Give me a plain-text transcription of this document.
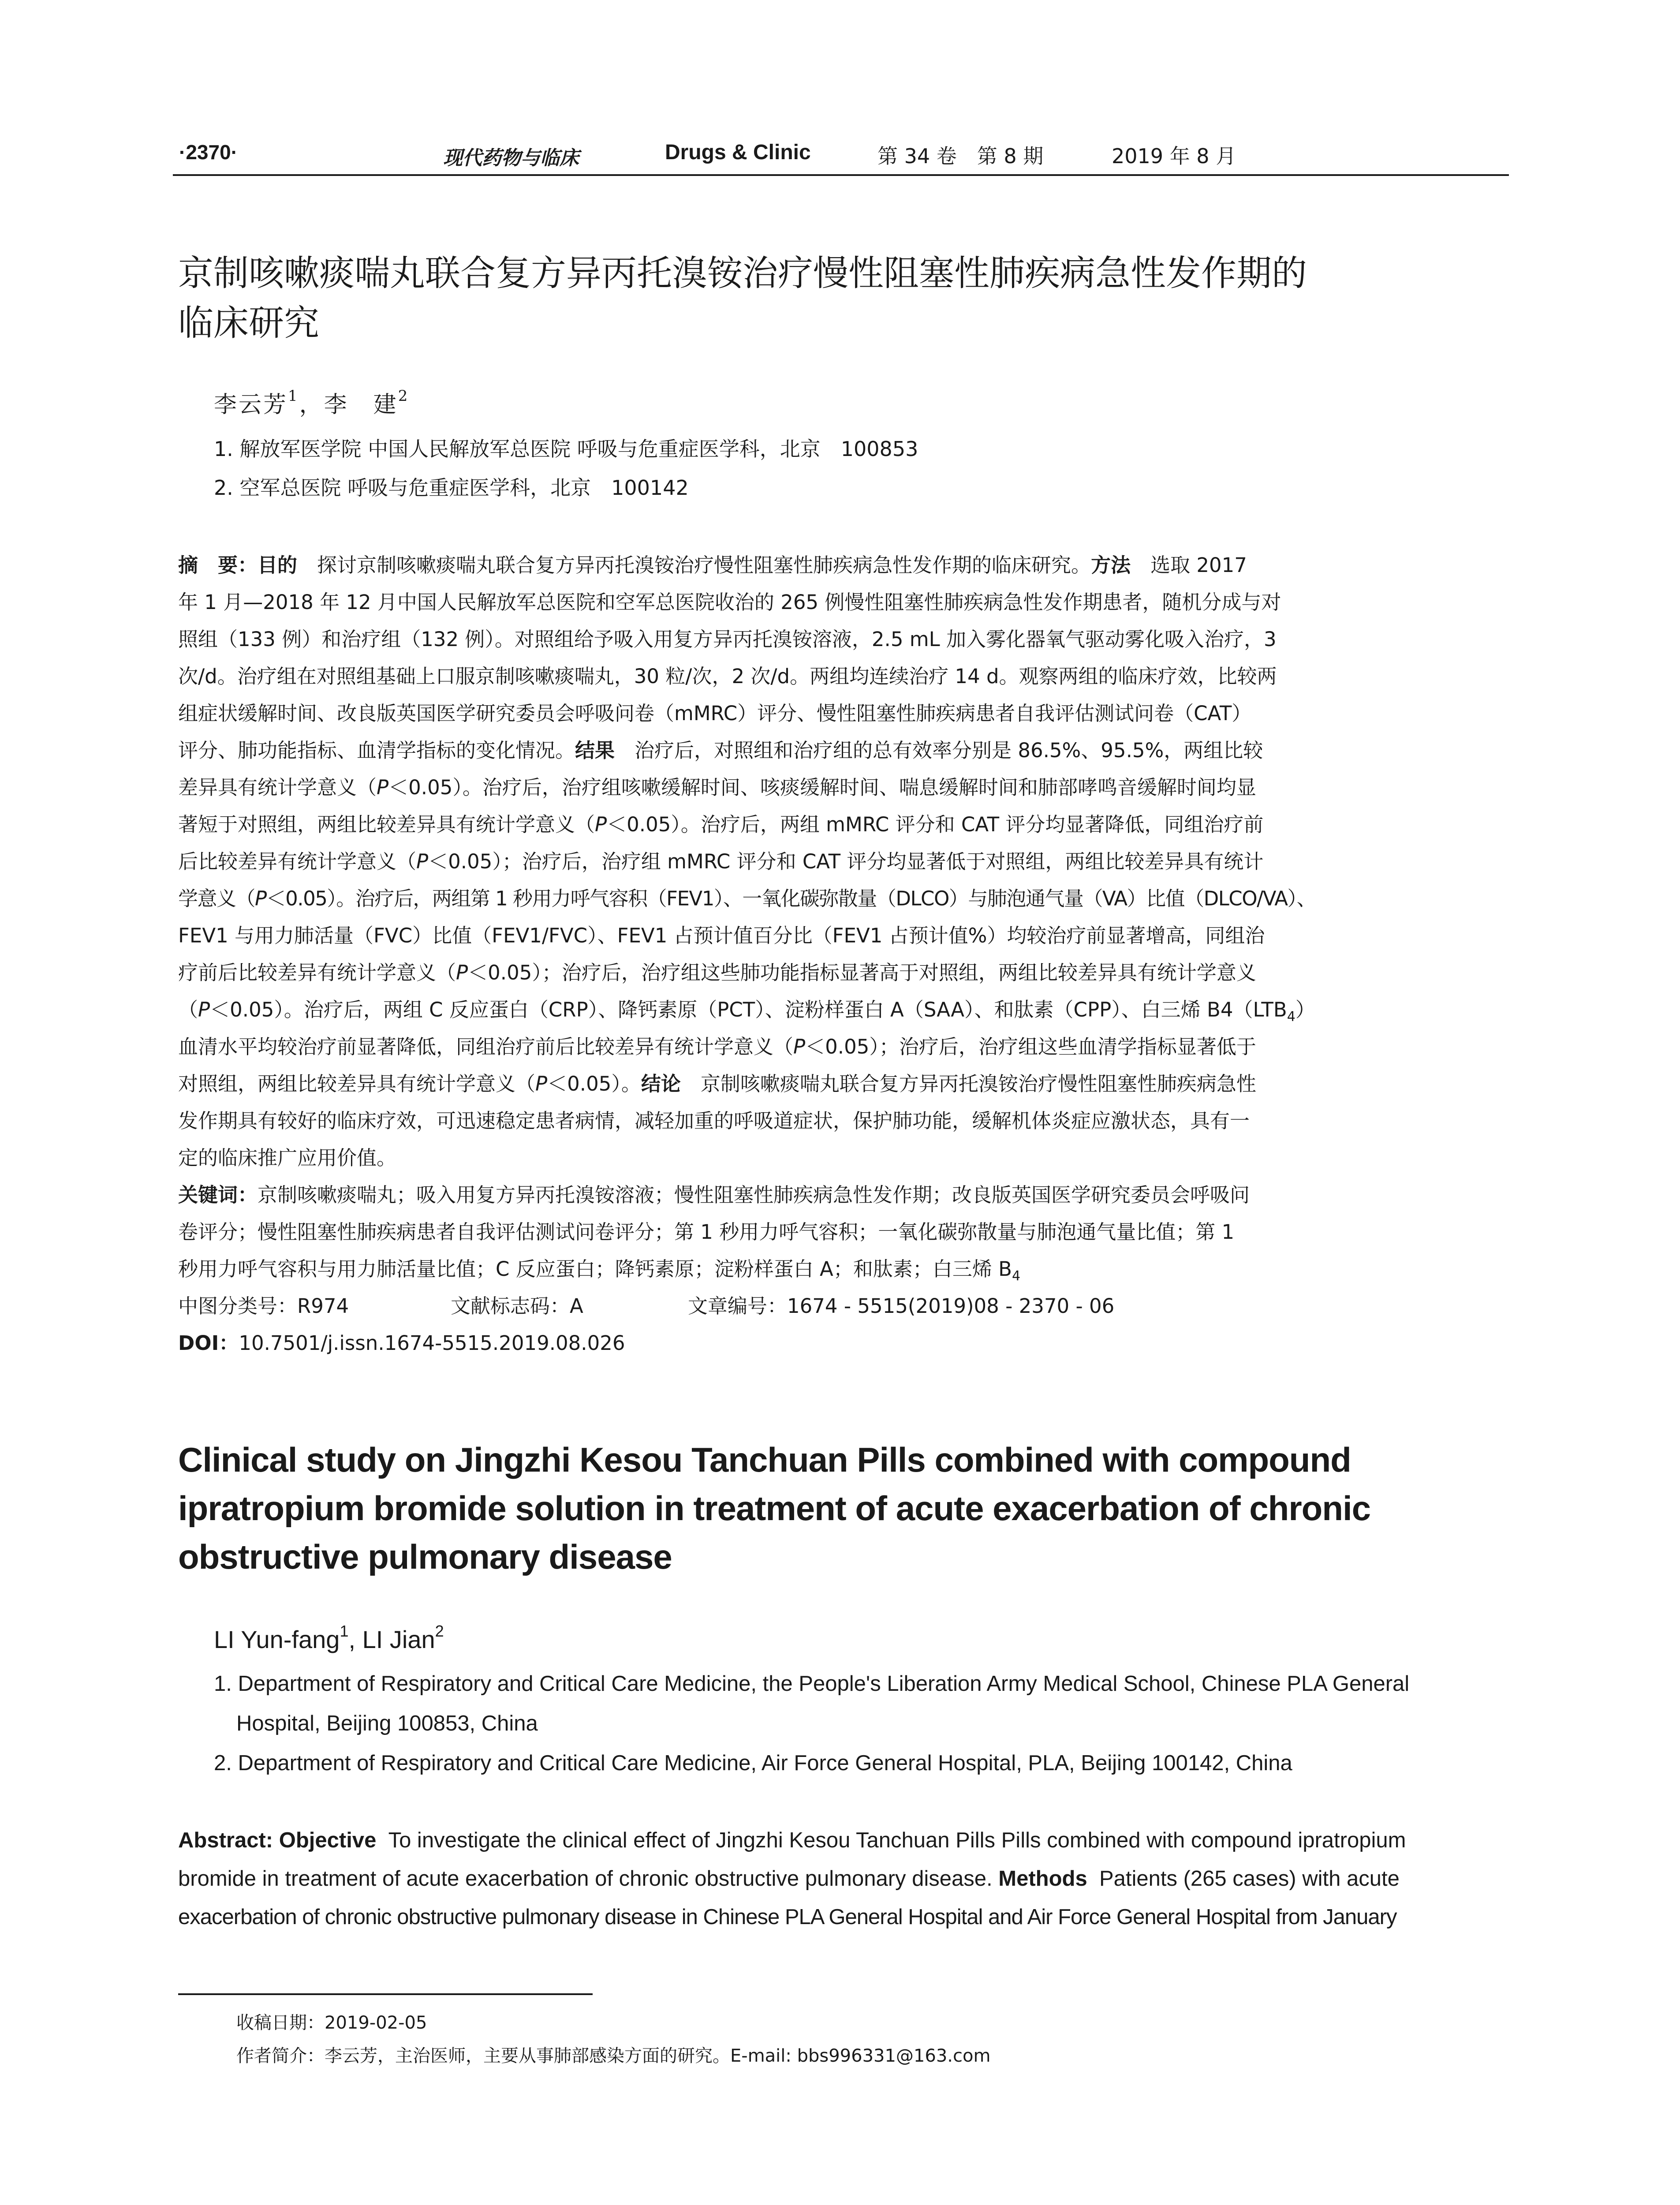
·2370·	现代药物与临床	Drugs & Clinic	第 34 卷　第 8 期	2019 年 8 月
京制咳嗽痰喘丸联合复方异丙托溴铵治疗慢性阻塞性肺疾病急性发作期的
临床研究
李云芳$^1$，李　建$^2$
1. 解放军医学院 中国人民解放军总医院 呼吸与危重症医学科，北京　100853
2. 空军总医院 呼吸与危重症医学科，北京　100142
摘　要：目的　 探讨京制咳嗽痰喘丸联合复方异丙托溴铵治疗慢性阻塞性肺疾病急性发作期的临床研究。方法　 选取 2017
年 1 月—2018 年 12 月中国人民解放军总医院和空军总医院收治的 265 例慢性阻塞性肺疾病急性发作期患者，随机分成与对
照组（133 例）和治疗组（132 例）。对照组给予吸入用复方异丙托溴铵溶液，2.5 mL 加入雾化器氧气驱动雾化吸入治疗，3
次/d。治疗组在对照组基础上口服京制咳嗽痰喘丸，30 粒/次，2 次/d。两组均连续治疗 14 d。观察两组的临床疗效，比较两
组症状缓解时间、改良版英国医学研究委员会呼吸问卷（mMRC）评分、慢性阻塞性肺疾病患者自我评估测试问卷（CAT）
评分、肺功能指标、血清学指标的变化情况。结果　 治疗后，对照组和治疗组的总有效率分别是 86.5%、95.5%，两组比较
差异具有统计学意义（P＜0.05）。治疗后，治疗组咳嗽缓解时间、咳痰缓解时间、喘息缓解时间和肺部哮鸣音缓解时间均显
著短于对照组，两组比较差异具有统计学意义（P＜0.05）。治疗后，两组 mMRC 评分和 CAT 评分均显著降低，同组治疗前
后比较差异有统计学意义（P＜0.05）；治疗后，治疗组 mMRC 评分和 CAT 评分均显著低于对照组，两组比较差异具有统计
学意义（P＜0.05）。治疗后，两组第 1 秒用力呼气容积（FEV1）、一氧化碳弥散量（DLCO）与肺泡通气量（VA）比值（DLCO/VA）、
FEV1 与用力肺活量（FVC）比值（FEV1/FVC）、FEV1 占预计值百分比（FEV1 占预计值%）均较治疗前显著增高，同组治
疗前后比较差异有统计学意义（P＜0.05）；治疗后，治疗组这些肺功能指标显著高于对照组，两组比较差异具有统计学意义
（P＜0.05）。治疗后，两组 C 反应蛋白（CRP）、降钙素原（PCT）、淀粉样蛋白 A（SAA）、和肽素（CPP）、白三烯 $B4(LTB_4)$
血清水平均较治疗前显著降低，同组治疗前后比较差异有统计学意义（P＜0.05）；治疗后，治疗组这些血清学指标显著低于
对照组，两组比较差异具有统计学意义（P＜0.05）。结论　 京制咳嗽痰喘丸联合复方异丙托溴铵治疗慢性阻塞性肺疾病急性
发作期具有较好的临床疗效，可迅速稳定患者病情，减轻加重的呼吸道症状，保护肺功能，缓解机体炎症应激状态，具有一
定的临床推广应用价值。
关键词：京制咳嗽痰喘丸；吸入用复方异丙托溴铵溶液；慢性阻塞性肺疾病急性发作期；改良版英国医学研究委员会呼吸问
卷评分；慢性阻塞性肺疾病患者自我评估测试问卷评分；第 1 秒用力呼气容积；一氧化碳弥散量与肺泡通气量比值；第 1
秒用力呼气容积与用力肺活量比值；C 反应蛋白；降钙素原；淀粉样蛋白 A；和肽素；白三烯 $B_4$
中图分类号：R974	文献标志码：A	文章编号：1674 - 5515(2019)08 - 2370 - 06
DOI：10.7501/j.issn.1674-5515.2019.08.026
Clinical study on Jingzhi Kesou Tanchuan Pills combined with compound
ipratropium bromide solution in treatment of acute exacerbation of chronic
obstructive pulmonary disease
LI Yun-fang$^1$, LI Jian$^2$
1. Department of Respiratory and Critical Care Medicine, the People's Liberation Army Medical School, Chinese PLA General
Hospital, Beijing 100853, China
2. Department of Respiratory and Critical Care Medicine, Air Force General Hospital, PLA, Beijing 100142, China
Abstract: Objective To investigate the clinical effect of Jingzhi Kesou Tanchuan Pills Pills combined with compound ipratropium
bromide in treatment of acute exacerbation of chronic obstructive pulmonary disease. Methods Patients (265 cases) with acute
exacerbation of chronic obstructive pulmonary disease in Chinese PLA General Hospital and Air Force General Hospital from January
收稿日期：2019-02-05
作者简介：李云芳，主治医师，主要从事肺部感染方面的研究。E-mail: bbs996331@163.com
